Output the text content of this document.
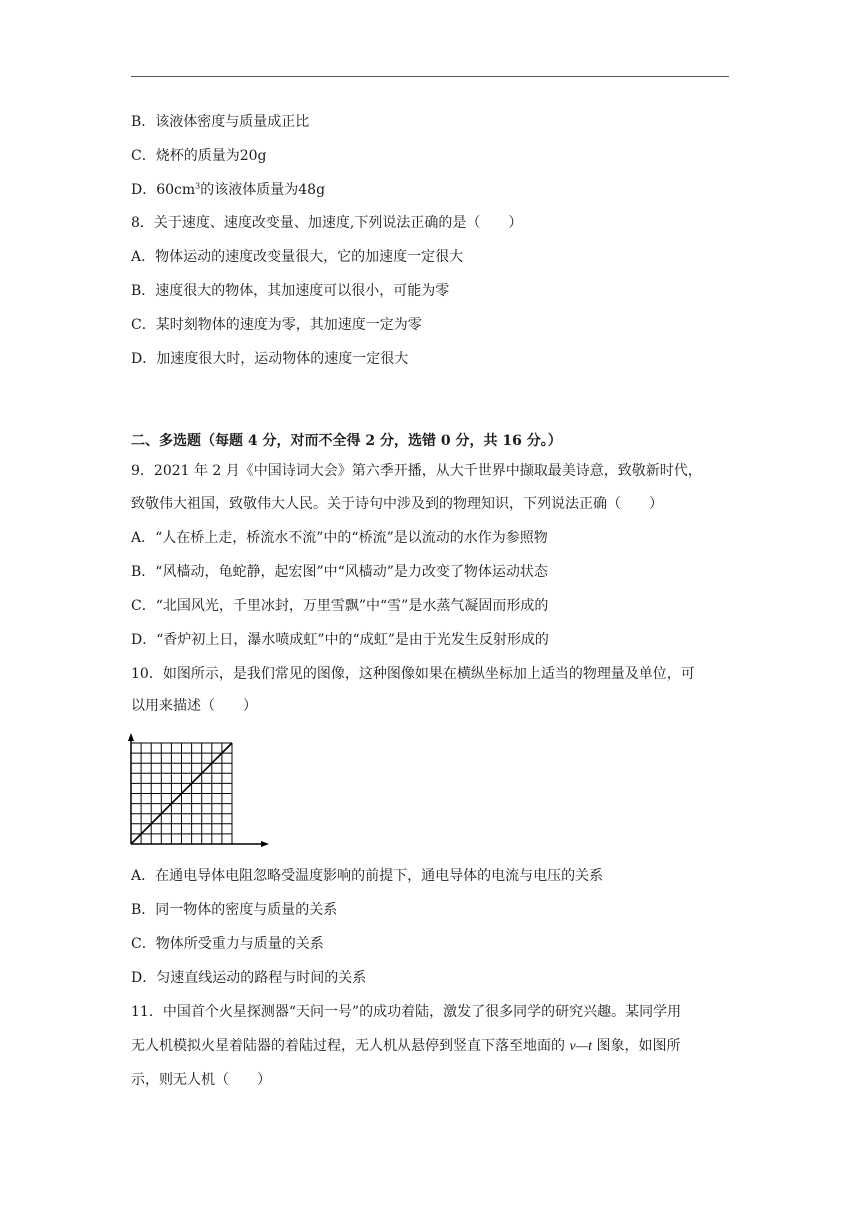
B．该液体密度与质量成正比
C．烧杯的质量为20g
D．$60cm^3$的该液体质量为48g
8．关于速度、速度改变量、加速度,下列说法正确的是（　　）
A．物体运动的速度改变量很大，它的加速度一定很大
B．速度很大的物体，其加速度可以很小，可能为零
C．某时刻物体的速度为零，其加速度一定为零
D．加速度很大时，运动物体的速度一定很大
二、多选题（每题 4 分，对而不全得 2 分，选错 0 分，共 16 分。）
9．2021 年 2 月《中国诗词大会》第六季开播，从大千世界中撷取最美诗意，致敬新时代，
致敬伟大祖国，致敬伟大人民。关于诗句中涉及到的物理知识，下列说法正确（　　）
A．“人在桥上走，桥流水不流”中的“桥流”是以流动的水作为参照物
B．“风樯动，龟蛇静，起宏图”中“风樯动”是力改变了物体运动状态
C．“北国风光，千里冰封，万里雪飘”中“雪”是水蒸气凝固而形成的
D．“香炉初上日，瀑水喷成虹”中的“成虹”是由于光发生反射形成的
10．如图所示，是我们常见的图像，这种图像如果在横纵坐标加上适当的物理量及单位，可
以用来描述（　　）
A．在通电导体电阻忽略受温度影响的前提下，通电导体的电流与电压的关系
B．同一物体的密度与质量的关系
C．物体所受重力与质量的关系
D．匀速直线运动的路程与时间的关系
11．中国首个火星探测器“天问一号”的成功着陆，激发了很多同学的研究兴趣。某同学用
无人机模拟火星着陆器的着陆过程，无人机从悬停到竖直下落至地面的 v—t 图象，如图所
示，则无人机（　　）
